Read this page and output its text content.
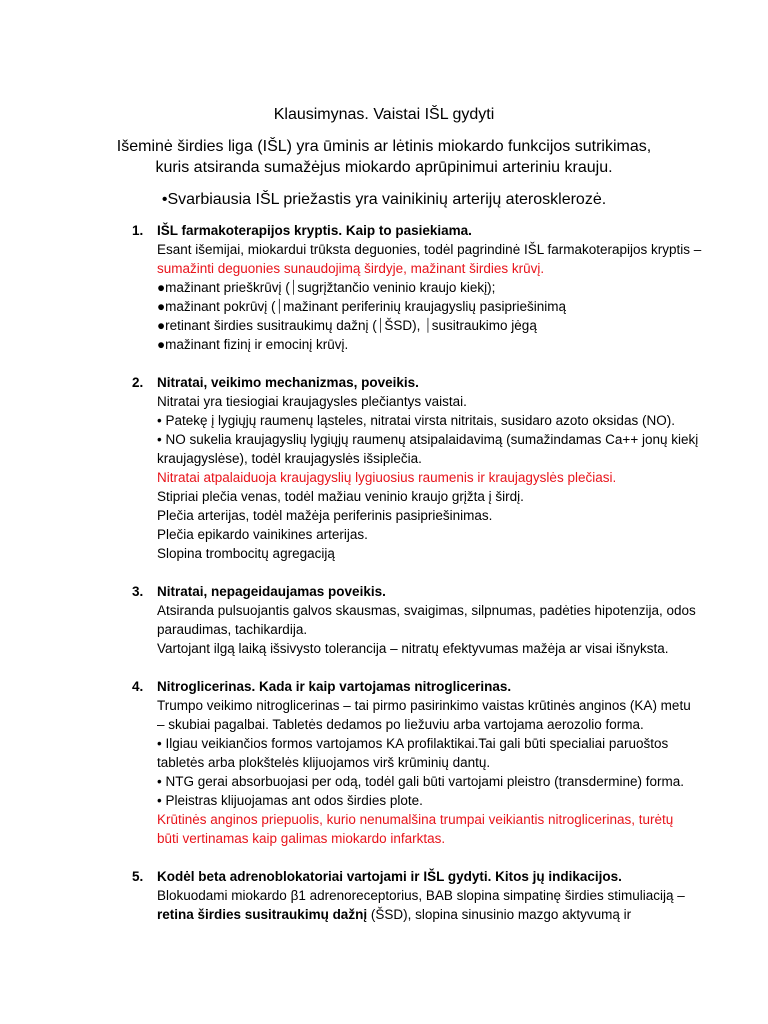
Klausimynas. Vaistai IŠL gydyti
Išeminė širdies liga (IŠL) yra ūminis ar lėtinis miokardo funkcijos sutrikimas, kuris atsiranda sumažėjus miokardo aprūpinimui arteriniu krauju.
•Svarbiausia IŠL priežastis yra vainikinių arterijų aterosklerozė.
1. IŠL farmakoterapijos kryptis. Kaip to pasiekiama.
Esant išemijai, miokardui trūksta deguonies, todėl pagrindinė IŠL farmakoterapijos kryptis –
sumažinti deguonies sunaudojimą širdyje, mažinant širdies krūvį.
●mažinant prieškrūvį (⏐sugrįžtančio veninio kraujo kiekį);
●mažinant pokrūvį (⏐mažinant periferinių kraujagyslių pasipriešinimą
●retinant širdies susitraukimų dažnį (⏐ŠSD), ⏐susitraukimo jėgą
●mažinant fizinį ir emocinį krūvį.
2. Nitratai, veikimo mechanizmas, poveikis.
Nitratai yra tiesiogiai kraujagysles plečiantys vaistai.
• Patekę į lygiųjų raumenų ląsteles, nitratai virsta nitritais, susidaro azoto oksidas (NO).
• NO sukelia kraujagyslių lygiųjų raumenų atsipalaidavimą (sumažindamas Ca++ jonų kiekį
kraujagyslėse), todėl kraujagyslės išsiplečia.
Nitratai atpalaiduoja kraujagyslių lygiuosius raumenis ir kraujagyslės plečiasi.
Stipriai plečia venas, todėl mažiau veninio kraujo grįžta į širdį.
Plečia arterijas, todėl mažėja periferinis pasipriešinimas.
Plečia epikardo vainikines arterijas.
Slopina trombocitų agregaciją
3. Nitratai, nepageidaujamas poveikis.
Atsiranda pulsuojantis galvos skausmas, svaigimas, silpnumas, padėties hipotenzija, odos
paraudimas, tachikardija.
Vartojant ilgą laiką išsivysto tolerancija – nitratų efektyvumas mažėja ar visai išnyksta.
4. Nitroglicerinas. Kada ir kaip vartojamas nitroglicerinas.
Trumpo veikimo nitroglicerinas – tai pirmo pasirinkimo vaistas krūtinės anginos (KA) metu
– skubiai pagalbai. Tabletės dedamos po liežuviu arba vartojama aerozolio forma.
• Ilgiau veikiančios formos vartojamos KA profilaktikai.Tai gali būti specialiai paruoštos
tabletės arba plokštelės klijuojamos virš krūminių dantų.
• NTG gerai absorbuojasi per odą, todėl gali būti vartojami pleistro (transdermine) forma.
• Pleistras klijuojamas ant odos širdies plote.
Krūtinės anginos priepuolis, kurio nenumalšina trumpai veikiantis nitroglicerinas, turėtų
būti vertinamas kaip galimas miokardo infarktas.
5. Kodėl beta adrenoblokatoriai vartojami ir IŠL gydyti. Kitos jų indikacijos.
Blokuodami miokardo β1 adrenoreceptorius, BAB slopina simpatinę širdies stimuliaciją –
retina širdies susitraukimų dažnį (ŠSD), slopina sinusinio mazgo aktyvumą ir
